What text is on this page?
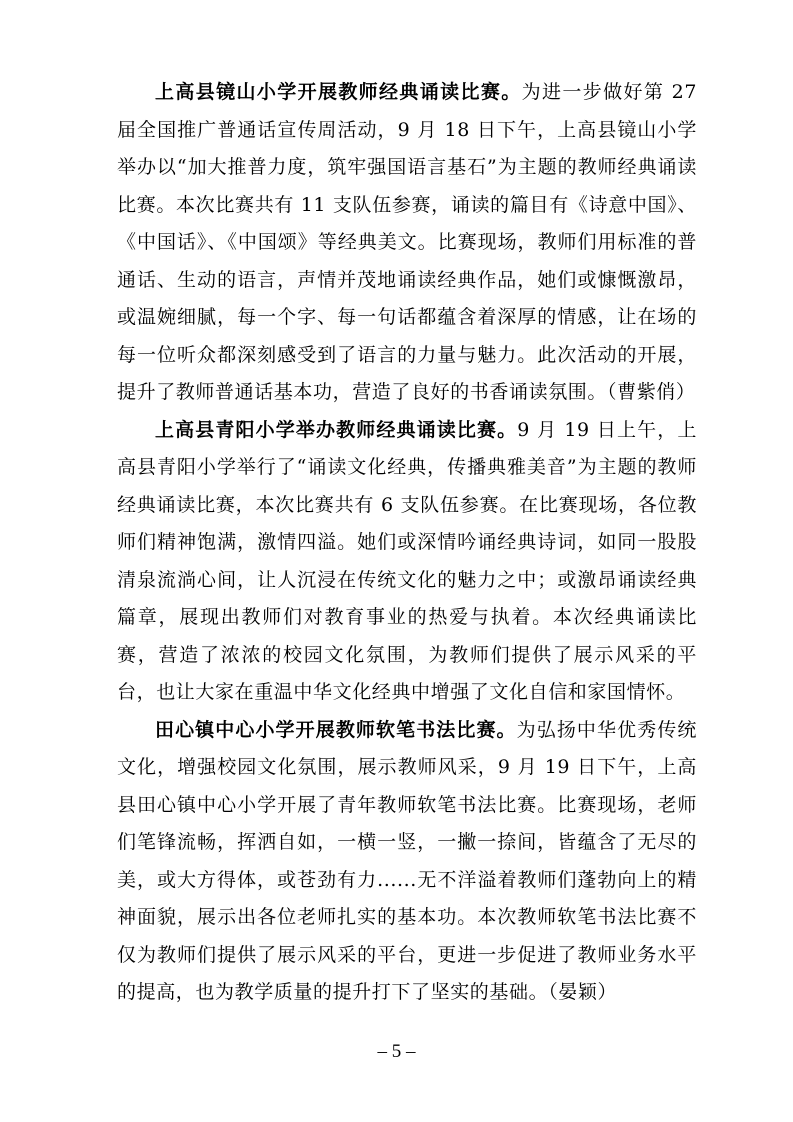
上高县镜山小学开展教师经典诵读比赛。为进一步做好第 27 届全国推广普通话宣传周活动，9 月 18 日下午，上高县镜山小学举办以“加大推普力度，筑牢强国语言基石”为主题的教师经典诵读比赛。本次比赛共有 11 支队伍参赛，诵读的篇目有《诗意中国》、《中国话》、《中国颂》等经典美文。比赛现场，教师们用标准的普通话、生动的语言，声情并茂地诵读经典作品，她们或慷慨激昂，或温婉细腻，每一个字、每一句话都蕴含着深厚的情感，让在场的每一位听众都深刻感受到了语言的力量与魅力。此次活动的开展，提升了教师普通话基本功，营造了良好的书香诵读氛围。（曹紫俏）

上高县青阳小学举办教师经典诵读比赛。9 月 19 日上午，上高县青阳小学举行了“诵读文化经典，传播典雅美音”为主题的教师经典诵读比赛，本次比赛共有 6 支队伍参赛。在比赛现场，各位教师们精神饱满，激情四溢。她们或深情吟诵经典诗词，如同一股股清泉流淌心间，让人沉浸在传统文化的魅力之中；或激昂诵读经典篇章，展现出教师们对教育事业的热爱与执着。本次经典诵读比赛，营造了浓浓的校园文化氛围，为教师们提供了展示风采的平台，也让大家在重温中华文化经典中增强了文化自信和家国情怀。

田心镇中心小学开展教师软笔书法比赛。为弘扬中华优秀传统文化，增强校园文化氛围，展示教师风采，9 月 19 日下午，上高县田心镇中心小学开展了青年教师软笔书法比赛。比赛现场，老师们笔锋流畅，挥洒自如，一横一竖，一撇一捺间，皆蕴含了无尽的美，或大方得体，或苍劲有力......无不洋溢着教师们蓬勃向上的精神面貌，展示出各位老师扎实的基本功。本次教师软笔书法比赛不仅为教师们提供了展示风采的平台，更进一步促进了教师业务水平的提高，也为教学质量的提升打下了坚实的基础。（晏颖）

– 5 –
